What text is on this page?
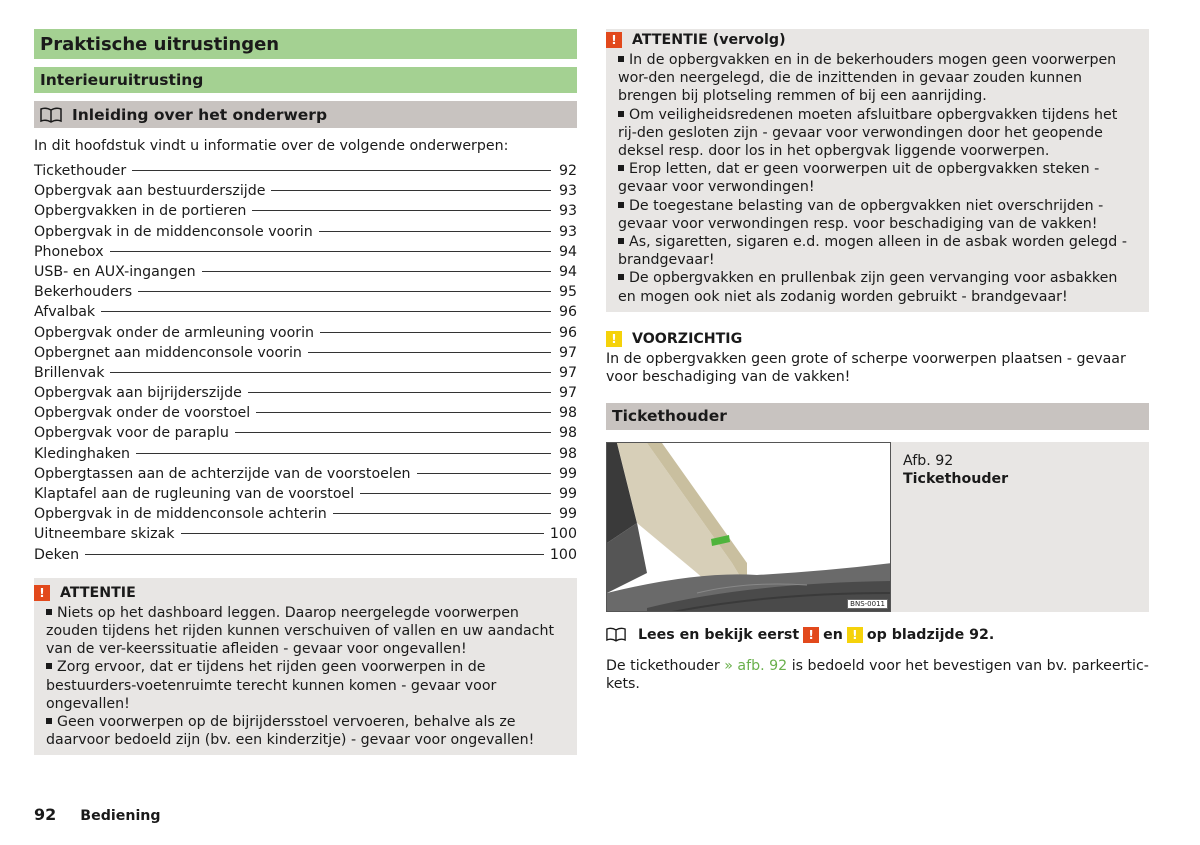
Praktische uitrustingen
Interieuruitrusting
Inleiding over het onderwerp
In dit hoofdstuk vindt u informatie over de volgende onderwerpen:
Tickethouder	92
Opbergvak aan bestuurderszijde	93
Opbergvakken in de portieren	93
Opbergvak in de middenconsole voorin	93
Phonebox	94
USB- en AUX-ingangen	94
Bekerhouders	95
Afvalbak	96
Opbergvak onder de armleuning voorin	96
Opbergnet aan middenconsole voorin	97
Brillenvak	97
Opbergvak aan bijrijderszijde	97
Opbergvak onder de voorstoel	98
Opbergvak voor de paraplu	98
Kledinghaken	98
Opbergtassen aan de achterzijde van de voorstoelen	99
Klaptafel aan de rugleuning van de voorstoel	99
Opbergvak in de middenconsole achterin	99
Uitneembare skizak	100
Deken	100
!	ATTENTIE

Niets op het dashboard leggen. Daarop neergelegde voorwerpen zouden tijdens het rijden kunnen verschuiven of vallen en uw aandacht van de ver-keerssituatie afleiden - gevaar voor ongevallen!

Zorg ervoor, dat er tijdens het rijden geen voorwerpen in de bestuurders-voetenruimte terecht kunnen komen - gevaar voor ongevallen!

Geen voorwerpen op de bijrijdersstoel vervoeren, behalve als ze daarvoor bedoeld zijn (bv. een kinderzitje) - gevaar voor ongevallen!

!	ATTENTIE (vervolg)

In de opbergvakken en in de bekerhouders mogen geen voorwerpen wor-den neergelegd, die de inzittenden in gevaar zouden kunnen brengen bij plotseling remmen of bij een aanrijding.

Om veiligheidsredenen moeten afsluitbare opbergvakken tijdens het rij-den gesloten zijn - gevaar voor verwondingen door het geopende deksel resp. door los in het opbergvak liggende voorwerpen.

Erop letten, dat er geen voorwerpen uit de opbergvakken steken - gevaar voor verwondingen!

De toegestane belasting van de opbergvakken niet overschrijden - gevaar voor verwondingen resp. voor beschadiging van de vakken!

As, sigaretten, sigaren e.d. mogen alleen in de asbak worden gelegd - brandgevaar!

De opbergvakken en prullenbak zijn geen vervanging voor asbakken en mogen ook niet als zodanig worden gebruikt - brandgevaar!

!	VOORZICHTIG
In de opbergvakken geen grote of scherpe voorwerpen plaatsen - gevaar voor beschadiging van de vakken!
Tickethouder
BNS-0011
Afb. 92
Tickethouder
Lees en bekijk eerst ! en ! op bladzijde 92.
De tickethouder » afb. 92 is bedoeld voor het bevestigen van bv. parkeertic-kets.
92 Bediening
